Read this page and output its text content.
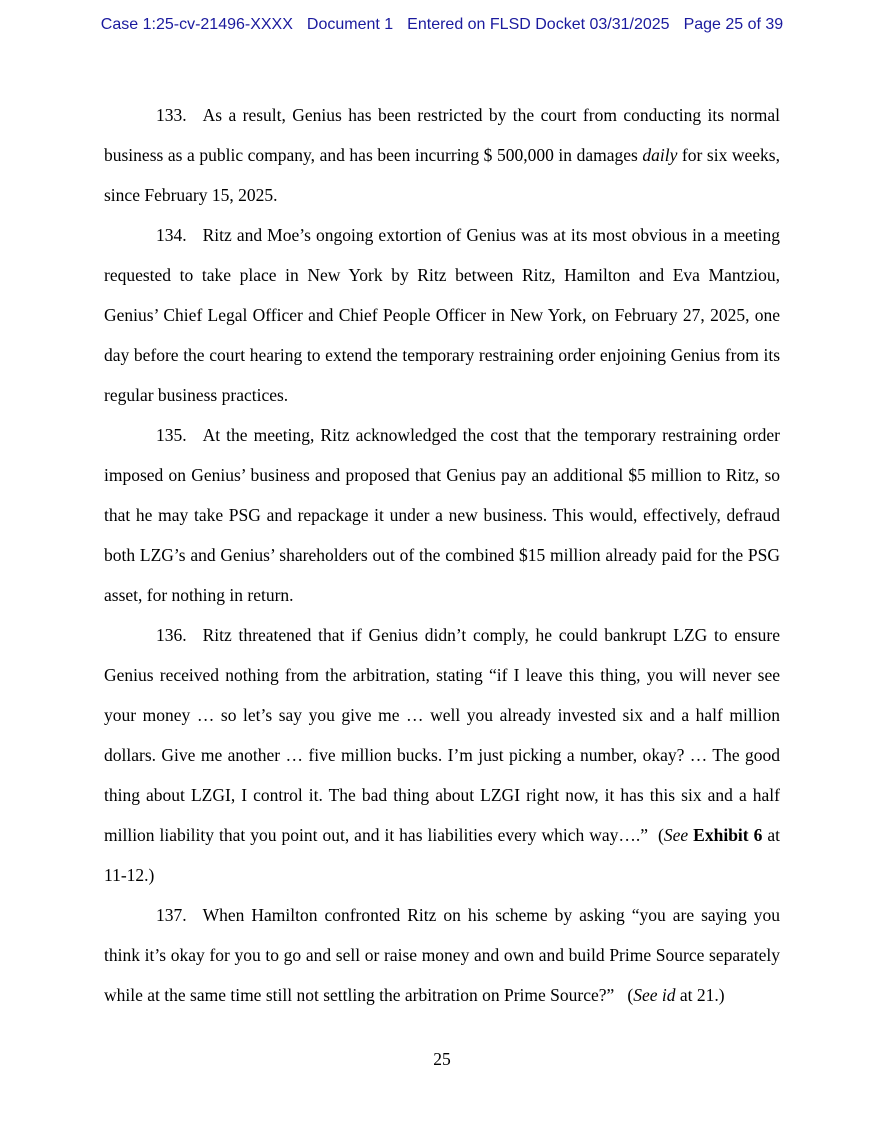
Case 1:25-cv-21496-XXXX Document 1 Entered on FLSD Docket 03/31/2025 Page 25 of 39

133. As a result, Genius has been restricted by the court from conducting its normal business as a public company, and has been incurring $ 500,000 in damages daily for six weeks, since February 15, 2025.

134. Ritz and Moe’s ongoing extortion of Genius was at its most obvious in a meeting requested to take place in New York by Ritz between Ritz, Hamilton and Eva Mantziou, Genius’ Chief Legal Officer and Chief People Officer in New York, on February 27, 2025, one day before the court hearing to extend the temporary restraining order enjoining Genius from its regular business practices.

135. At the meeting, Ritz acknowledged the cost that the temporary restraining order imposed on Genius’ business and proposed that Genius pay an additional $5 million to Ritz, so that he may take PSG and repackage it under a new business. This would, effectively, defraud both LZG’s and Genius’ shareholders out of the combined $15 million already paid for the PSG asset, for nothing in return.

136. Ritz threatened that if Genius didn’t comply, he could bankrupt LZG to ensure Genius received nothing from the arbitration, stating “if I leave this thing, you will never see your money … so let’s say you give me … well you already invested six and a half million dollars. Give me another … five million bucks. I’m just picking a number, okay? … The good thing about LZGI, I control it. The bad thing about LZGI right now, it has this six and a half million liability that you point out, and it has liabilities every which way….”  (See Exhibit 6 at 11-12.)

137. When Hamilton confronted Ritz on his scheme by asking “you are saying you think it’s okay for you to go and sell or raise money and own and build Prime Source separately while at the same time still not settling the arbitration on Prime Source?”   (See id at 21.)

25
